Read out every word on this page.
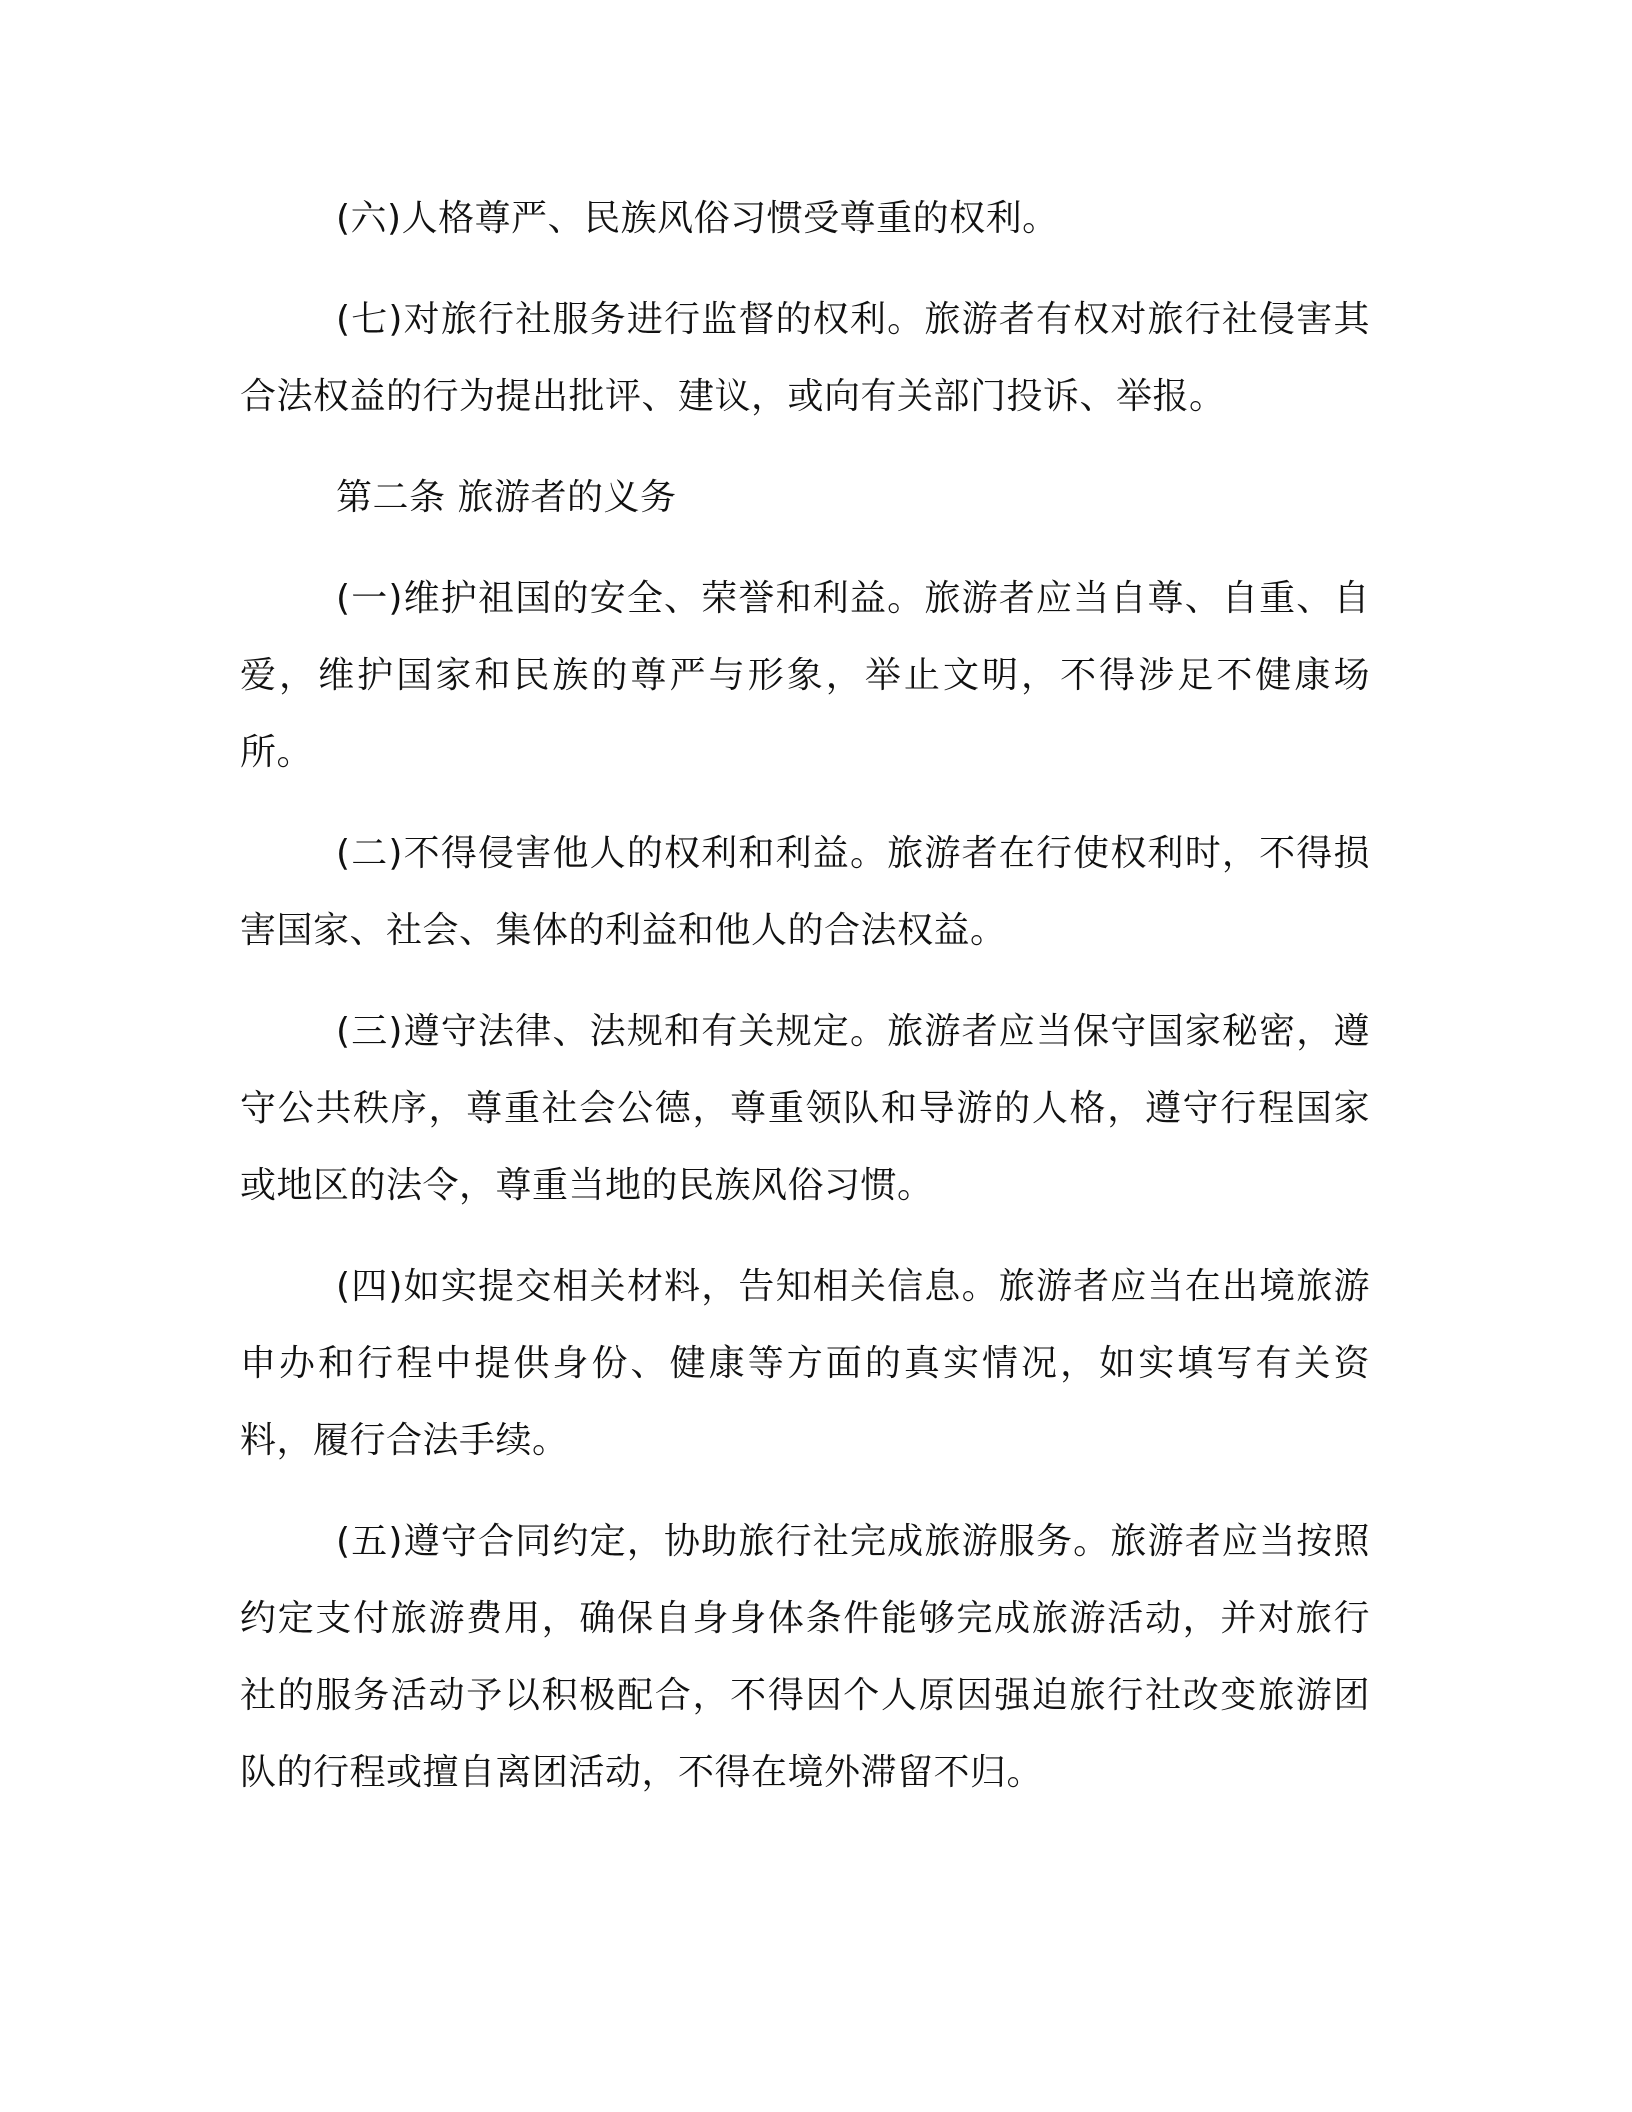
(六)人格尊严、民族风俗习惯受尊重的权利。

(七)对旅行社服务进行监督的权利。旅游者有权对旅行社侵害其合法权益的行为提出批评、建议，或向有关部门投诉、举报。

第二条 旅游者的义务

(一)维护祖国的安全、荣誉和利益。旅游者应当自尊、自重、自爱，维护国家和民族的尊严与形象，举止文明，不得涉足不健康场所。

(二)不得侵害他人的权利和利益。旅游者在行使权利时，不得损害国家、社会、集体的利益和他人的合法权益。

(三)遵守法律、法规和有关规定。旅游者应当保守国家秘密，遵守公共秩序，尊重社会公德，尊重领队和导游的人格，遵守行程国家或地区的法令，尊重当地的民族风俗习惯。

(四)如实提交相关材料，告知相关信息。旅游者应当在出境旅游申办和行程中提供身份、健康等方面的真实情况，如实填写有关资料，履行合法手续。

(五)遵守合同约定，协助旅行社完成旅游服务。旅游者应当按照约定支付旅游费用，确保自身身体条件能够完成旅游活动，并对旅行社的服务活动予以积极配合，不得因个人原因强迫旅行社改变旅游团队的行程或擅自离团活动，不得在境外滞留不归。
